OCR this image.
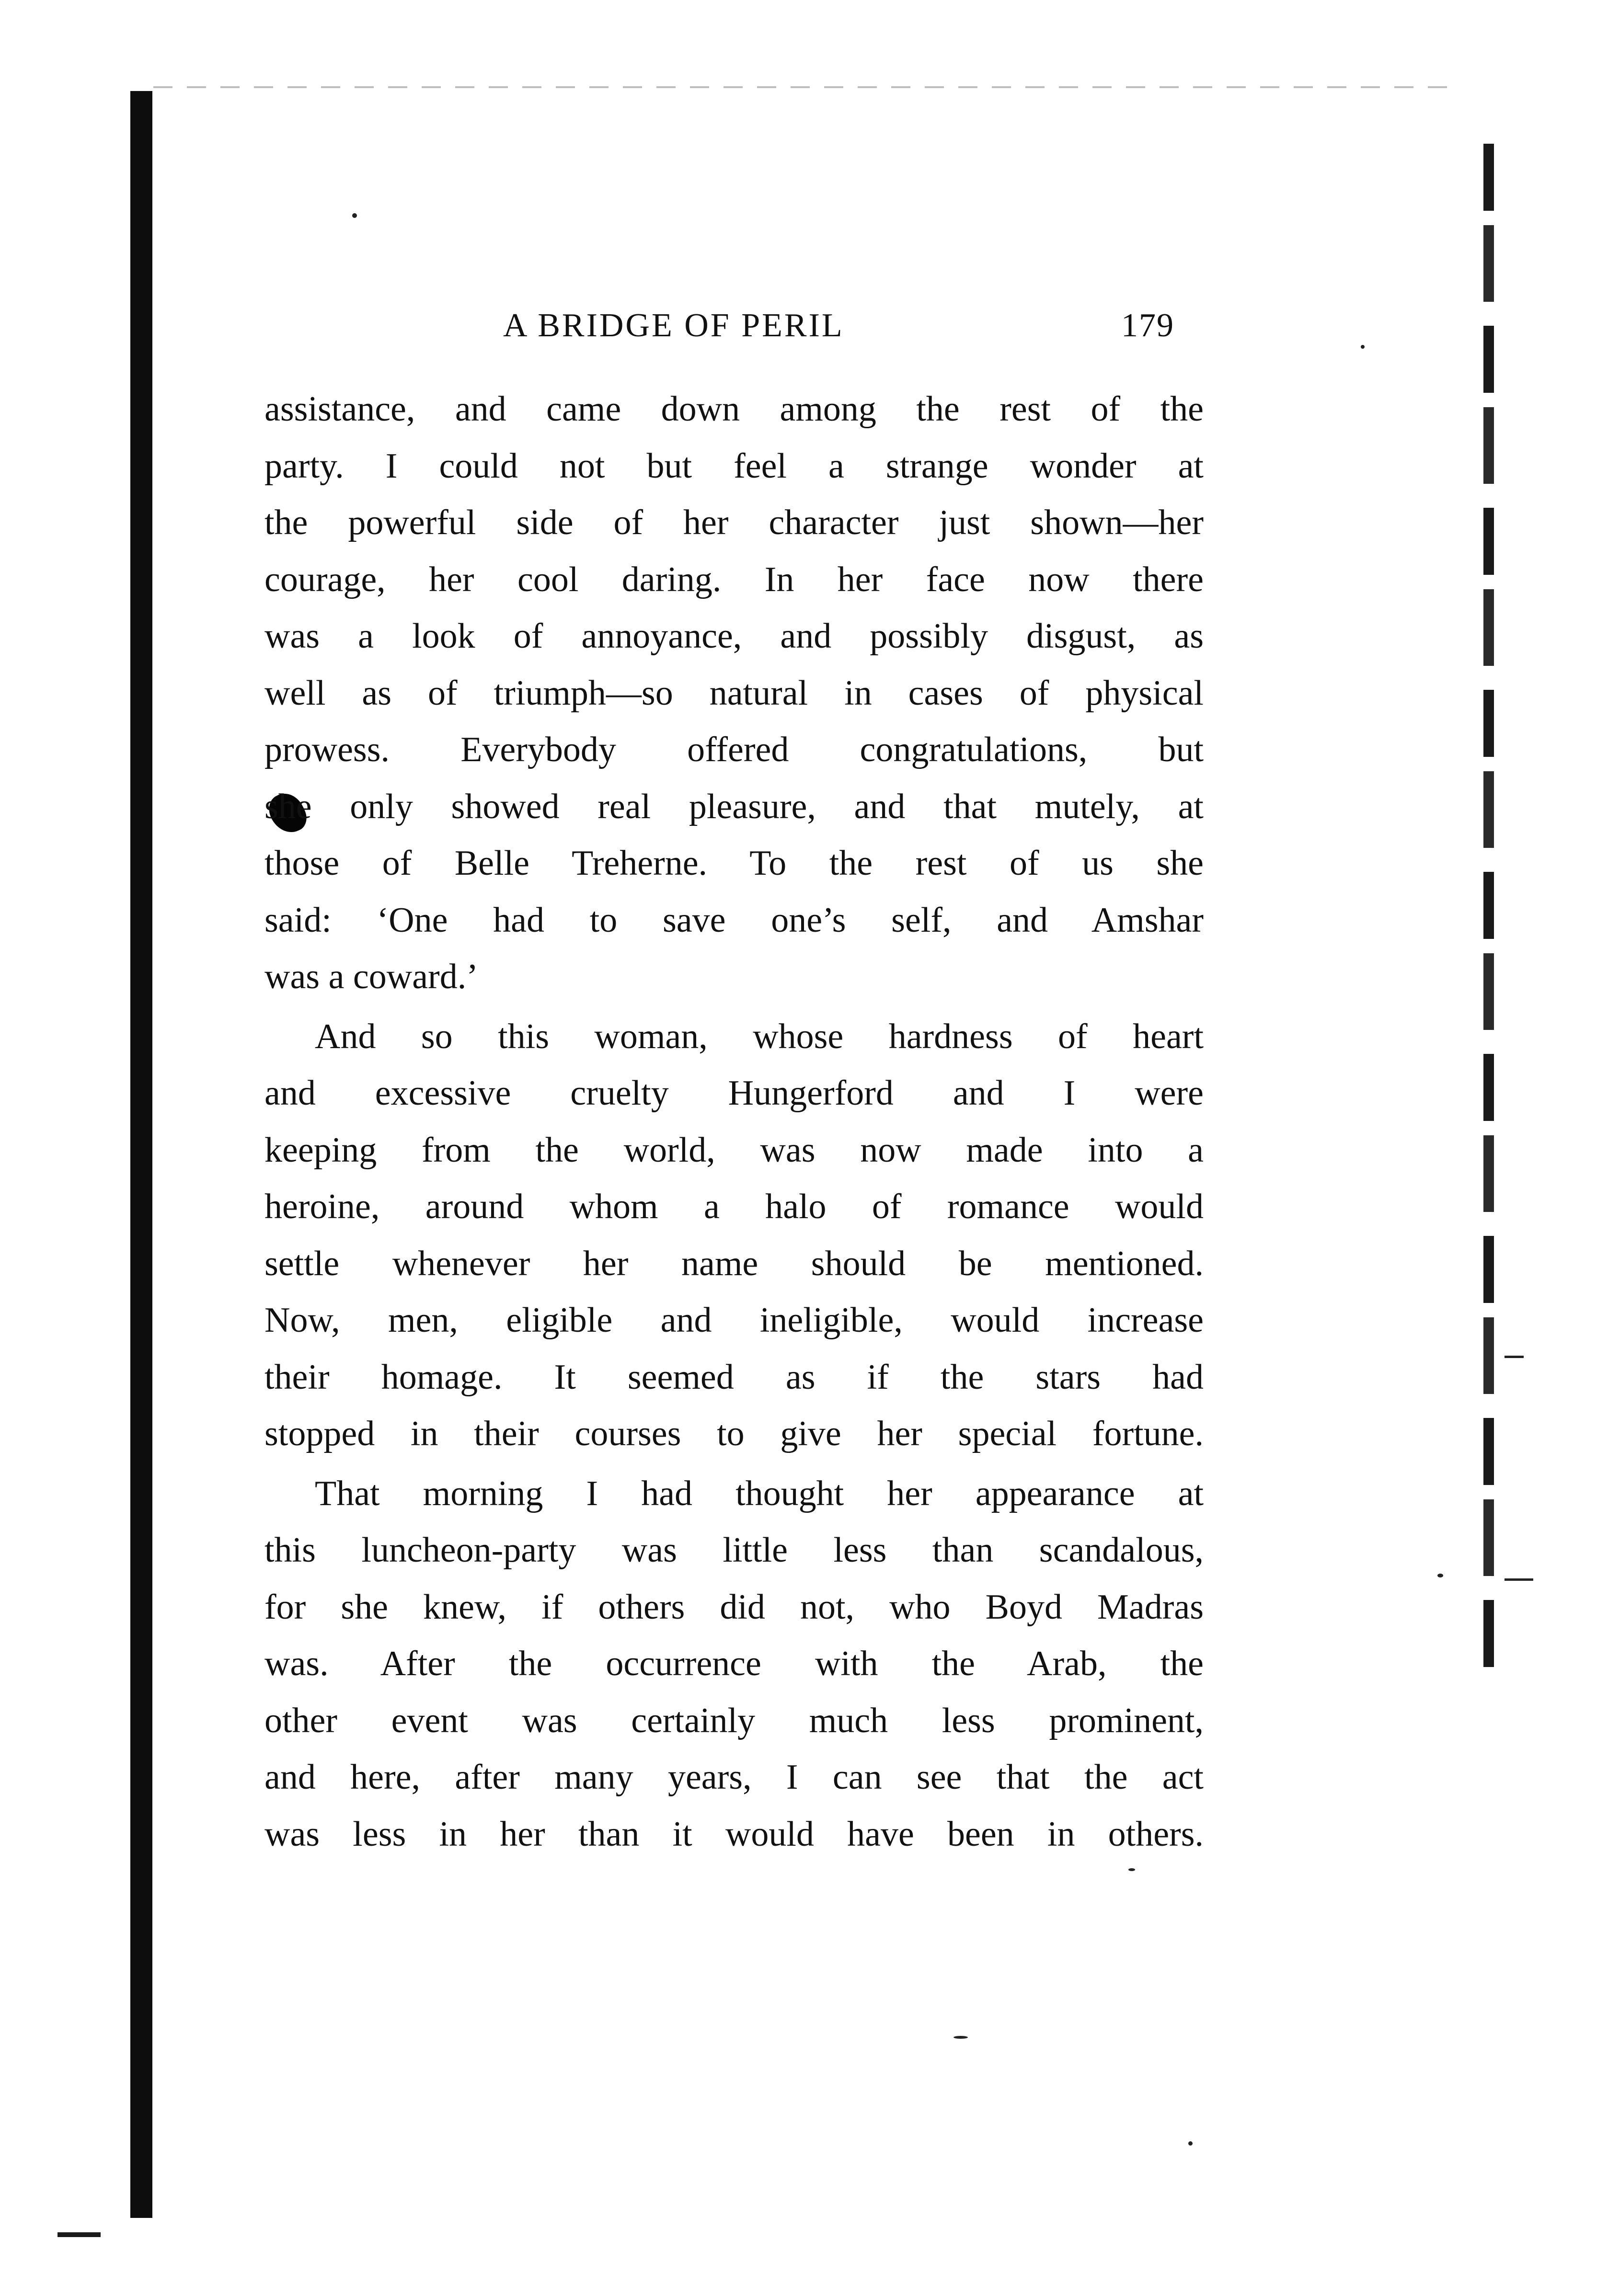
A BRIDGE OF PERIL	179
assistance, and came down among the rest of the
party. I could not but feel a strange wonder at
the powerful side of her character just shown—her
courage, her cool daring. In her face now there
was a look of annoyance, and possibly disgust, as
well as of triumph—so natural in cases of physical
prowess. Everybody offered congratulations, but
she only showed real pleasure, and that mutely, at
those of Belle Treherne. To the rest of us she
said: ‘One had to save one’s self, and Amshar
was a coward.’
And so this woman, whose hardness of heart
and excessive cruelty Hungerford and I were
keeping from the world, was now made into a
heroine, around whom a halo of romance would
settle whenever her name should be mentioned.
Now, men, eligible and ineligible, would increase
their homage. It seemed as if the stars had
stopped in their courses to give her special fortune.
That morning I had thought her appearance at
this luncheon-party was little less than scandalous,
for she knew, if others did not, who Boyd Madras
was. After the occurrence with the Arab, the
other event was certainly much less prominent,
and here, after many years, I can see that the act
was less in her than it would have been in others.
